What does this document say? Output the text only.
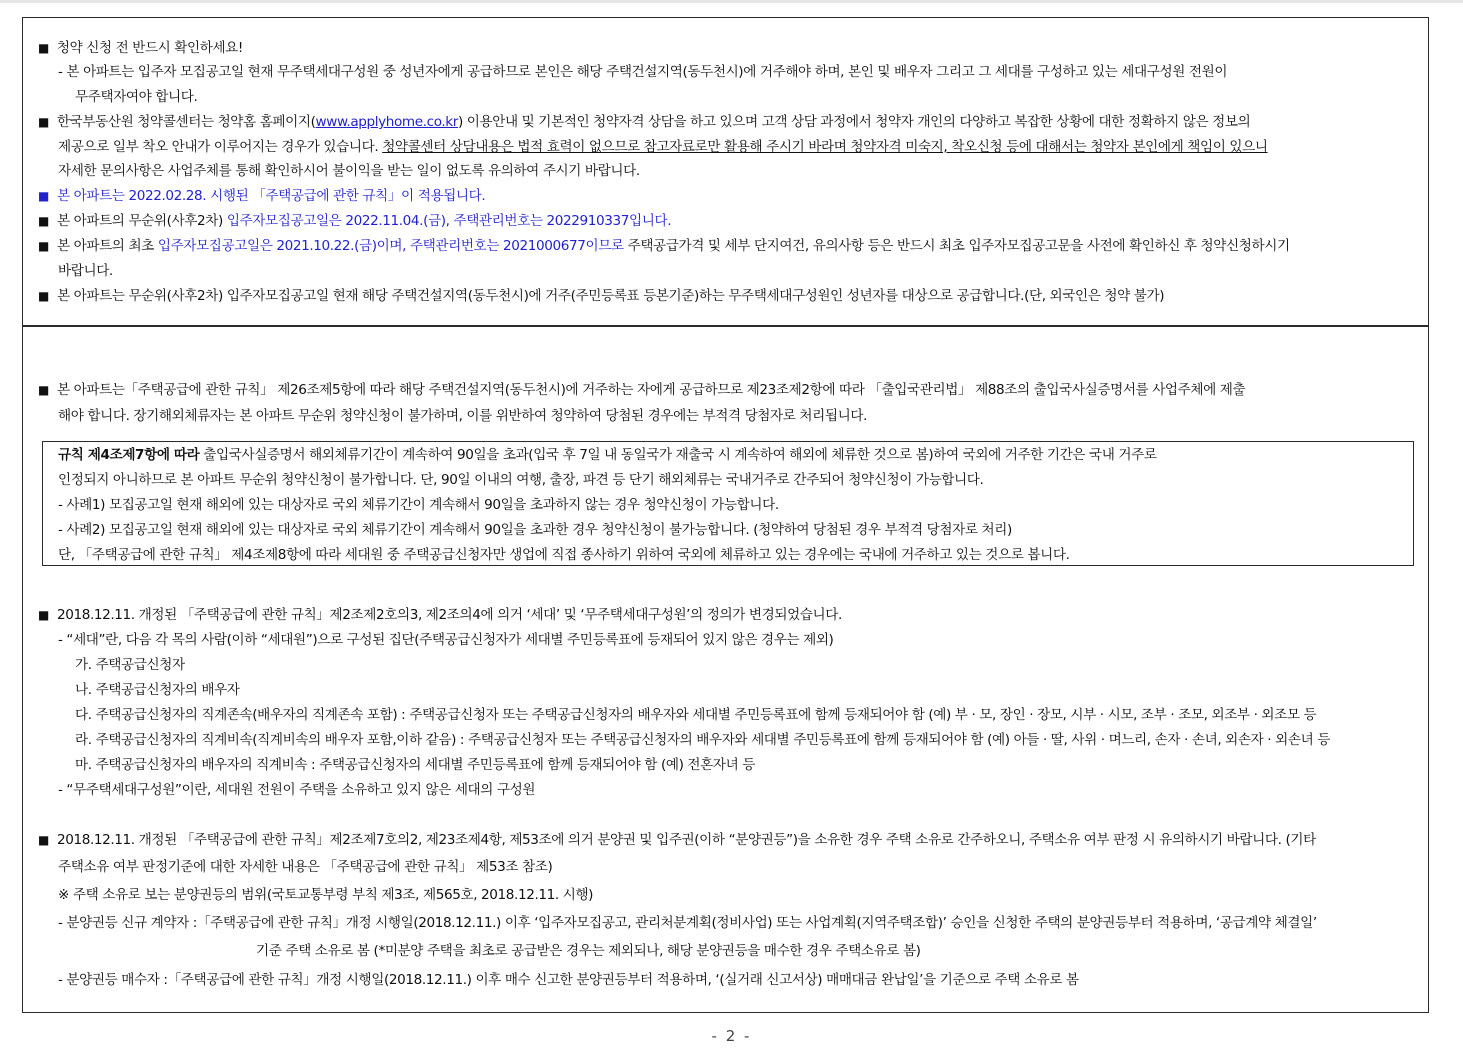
■ 청약 신청 전 반드시 확인하세요!
- 본 아파트는 입주자 모집공고일 현재 무주택세대구성원 중 성년자에게 공급하므로 본인은 해당 주택건설지역(동두천시)에 거주해야 하며, 본인 및 배우자 그리고 그 세대를 구성하고 있는 세대구성원 전원이
무주택자여야 합니다.
■ 한국부동산원 청약콜센터는 청약홈 홈페이지(www.applyhome.co.kr) 이용안내 및 기본적인 청약자격 상담을 하고 있으며 고객 상담 과정에서 청약자 개인의 다양하고 복잡한 상황에 대한 정확하지 않은 정보의
제공으로 일부 착오 안내가 이루어지는 경우가 있습니다. 청약콜센터 상담내용은 법적 효력이 없으므로 참고자료로만 활용해 주시기 바라며 청약자격 미숙지, 착오신청 등에 대해서는 청약자 본인에게 책임이 있으니
자세한 문의사항은 사업주체를 통해 확인하시어 불이익을 받는 일이 없도록 유의하여 주시기 바랍니다.
■ 본 아파트는 2022.02.28. 시행된 「주택공급에 관한 규칙」이 적용됩니다.
■ 본 아파트의 무순위(사후2차) 입주자모집공고일은 2022.11.04.(금), 주택관리번호는 2022910337입니다.
■ 본 아파트의 최초 입주자모집공고일은 2021.10.22.(금)이며, 주택관리번호는 2021000677이므로 주택공급가격 및 세부 단지여건, 유의사항 등은 반드시 최초 입주자모집공고문을 사전에 확인하신 후 청약신청하시기
바랍니다.
■ 본 아파트는 무순위(사후2차) 입주자모집공고일 현재 해당 주택건설지역(동두천시)에 거주(주민등록표 등본기준)하는 무주택세대구성원인 성년자를 대상으로 공급합니다.(단, 외국인은 청약 불가)
■ 본 아파트는「주택공급에 관한 규칙」 제26조제5항에 따라 해당 주택건설지역(동두천시)에 거주하는 자에게 공급하므로 제23조제2항에 따라 「출입국관리법」 제88조의 출입국사실증명서를 사업주체에 제출
해야 합니다. 장기해외체류자는 본 아파트 무순위 청약신청이 불가하며, 이를 위반하여 청약하여 당첨된 경우에는 부적격 당첨자로 처리됩니다.
규칙 제4조제7항에 따라 출입국사실증명서 해외체류기간이 계속하여 90일을 초과(입국 후 7일 내 동일국가 재출국 시 계속하여 해외에 체류한 것으로 봄)하여 국외에 거주한 기간은 국내 거주로
인정되지 아니하므로 본 아파트 무순위 청약신청이 불가합니다. 단, 90일 이내의 여행, 출장, 파견 등 단기 해외체류는 국내거주로 간주되어 청약신청이 가능합니다.
- 사례1) 모집공고일 현재 해외에 있는 대상자로 국외 체류기간이 계속해서 90일을 초과하지 않는 경우 청약신청이 가능합니다.
- 사례2) 모집공고일 현재 해외에 있는 대상자로 국외 체류기간이 계속해서 90일을 초과한 경우 청약신청이 불가능합니다. (청약하여 당첨된 경우 부적격 당첨자로 처리)
단, 「주택공급에 관한 규칙」 제4조제8항에 따라 세대원 중 주택공급신청자만 생업에 직접 종사하기 위하여 국외에 체류하고 있는 경우에는 국내에 거주하고 있는 것으로 봅니다.
■ 2018.12.11. 개정된 「주택공급에 관한 규칙」제2조제2호의3, 제2조의4에 의거 ‘세대’ 및 ‘무주택세대구성원’의 정의가 변경되었습니다.
- “세대”란, 다음 각 목의 사람(이하 “세대원”)으로 구성된 집단(주택공급신청자가 세대별 주민등록표에 등재되어 있지 않은 경우는 제외)
가. 주택공급신청자
나. 주택공급신청자의 배우자
다. 주택공급신청자의 직계존속(배우자의 직계존속 포함) : 주택공급신청자 또는 주택공급신청자의 배우자와 세대별 주민등록표에 함께 등재되어야 함 (예) 부 · 모, 장인 · 장모, 시부 · 시모, 조부 · 조모, 외조부 · 외조모 등
라. 주택공급신청자의 직계비속(직계비속의 배우자 포함,이하 같음) : 주택공급신청자 또는 주택공급신청자의 배우자와 세대별 주민등록표에 함께 등재되어야 함 (예) 아들 · 딸, 사위 · 며느리, 손자 · 손녀, 외손자 · 외손녀 등
마. 주택공급신청자의 배우자의 직계비속 : 주택공급신청자의 세대별 주민등록표에 함께 등재되어야 함 (예) 전혼자녀 등
- “무주택세대구성원”이란, 세대원 전원이 주택을 소유하고 있지 않은 세대의 구성원
■ 2018.12.11. 개정된 「주택공급에 관한 규칙」제2조제7호의2, 제23조제4항, 제53조에 의거 분양권 및 입주권(이하 “분양권등”)을 소유한 경우 주택 소유로 간주하오니, 주택소유 여부 판정 시 유의하시기 바랍니다. (기타
주택소유 여부 판정기준에 대한 자세한 내용은 「주택공급에 관한 규칙」 제53조 참조)
※ 주택 소유로 보는 분양권등의 범위(국토교통부령 부칙 제3조, 제565호, 2018.12.11. 시행)
- 분양권등 신규 계약자 :「주택공급에 관한 규칙」개정 시행일(2018.12.11.) 이후 ‘입주자모집공고, 관리처분계획(정비사업) 또는 사업계획(지역주택조합)’ 승인을 신청한 주택의 분양권등부터 적용하며, ‘공급계약 체결일’
기준 주택 소유로 봄 (*미분양 주택을 최초로 공급받은 경우는 제외되나, 해당 분양권등을 매수한 경우 주택소유로 봄)
- 분양권등 매수자 :「주택공급에 관한 규칙」개정 시행일(2018.12.11.) 이후 매수 신고한 분양권등부터 적용하며, ‘(실거래 신고서상) 매매대금 완납일’을 기준으로 주택 소유로 봄
- 2 -
